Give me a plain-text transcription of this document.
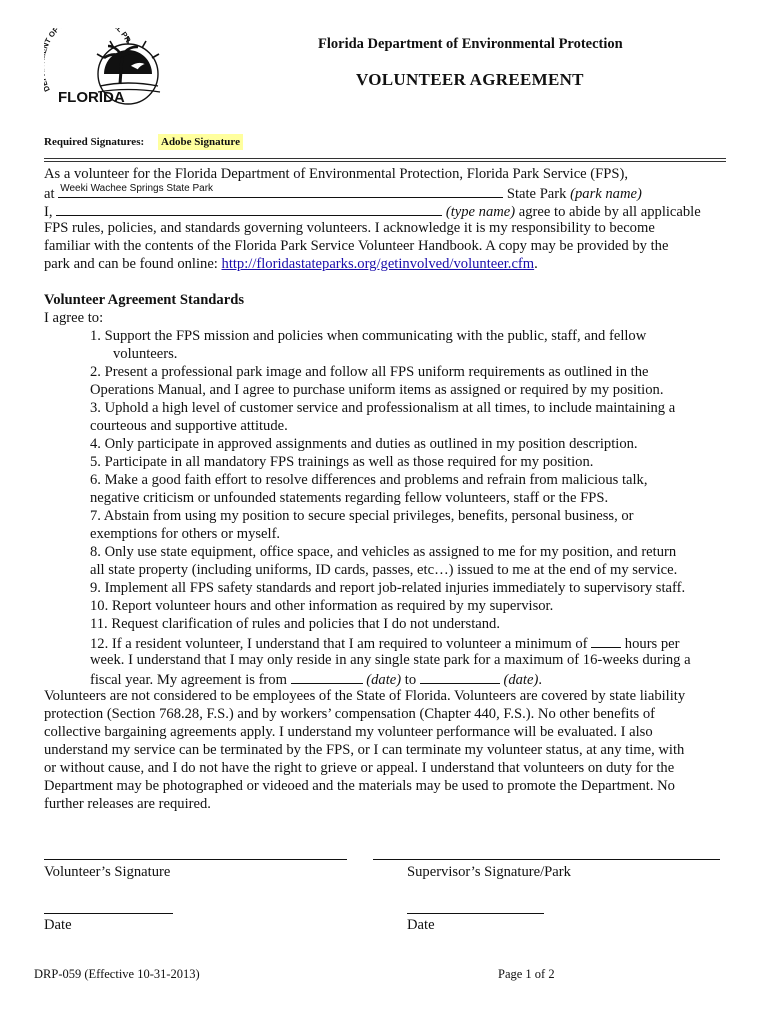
OF L PR
FLORIDA
Florida Department of Environmental Protection
VOLUNTEER AGREEMENT
Required Signatures: Adobe Signature
As a volunteer for the Florida Department of Environmental Protection, Florida Park Service (FPS),
at Weeki Wachee Springs State Park	State Park (park name)
I,	(type name) agree to abide by all applicable
FPS rules, policies, and standards governing volunteers. I acknowledge it is my responsibility to become
familiar with the contents of the Florida Park Service Volunteer Handbook. A copy may be provided by the
park and can be found online: http://floridastateparks.org/getinvolved/volunteer.cfm.
Volunteer Agreement Standards
I agree to:
1. Support the FPS mission and policies when communicating with the public, staff, and fellow
volunteers.
2. Present a professional park image and follow all FPS uniform requirements as outlined in the
Operations Manual, and I agree to purchase uniform items as assigned or required by my position.
3. Uphold a high level of customer service and professionalism at all times, to include maintaining a
courteous and supportive attitude.
4. Only participate in approved assignments and duties as outlined in my position description.
5. Participate in all mandatory FPS trainings as well as those required for my position.
6. Make a good faith effort to resolve differences and problems and refrain from malicious talk,
negative criticism or unfounded statements regarding fellow volunteers, staff or the FPS.
7. Abstain from using my position to secure special privileges, benefits, personal business, or
exemptions for others or myself.
8. Only use state equipment, office space, and vehicles as assigned to me for my position, and return
all state property (including uniforms, ID cards, passes, etc…) issued to me at the end of my service.
9. Implement all FPS safety standards and report job-related injuries immediately to supervisory staff.
10. Report volunteer hours and other information as required by my supervisor.
11. Request clarification of rules and policies that I do not understand.
12. If a resident volunteer, I understand that I am required to volunteer a minimum of	hours per
week. I understand that I may only reside in any single state park for a maximum of 16-weeks during a
fiscal year. My agreement is from	(date) to	(date).
Volunteers are not considered to be employees of the State of Florida. Volunteers are covered by state liability
protection (Section 768.28, F.S.) and by workers’ compensation (Chapter 440, F.S.). No other benefits of
collective bargaining agreements apply. I understand my volunteer performance will be evaluated. I also
understand my service can be terminated by the FPS, or I can terminate my volunteer status, at any time, with
or without cause, and I do not have the right to grieve or appeal. I understand that volunteers on duty for the
Department may be photographed or videoed and the materials may be used to promote the Department. No
further releases are required.
Volunteer’s Signature	Supervisor’s Signature/Park
Date	Date
DRP-059 (Effective 10-31-2013)	Page 1 of 2
